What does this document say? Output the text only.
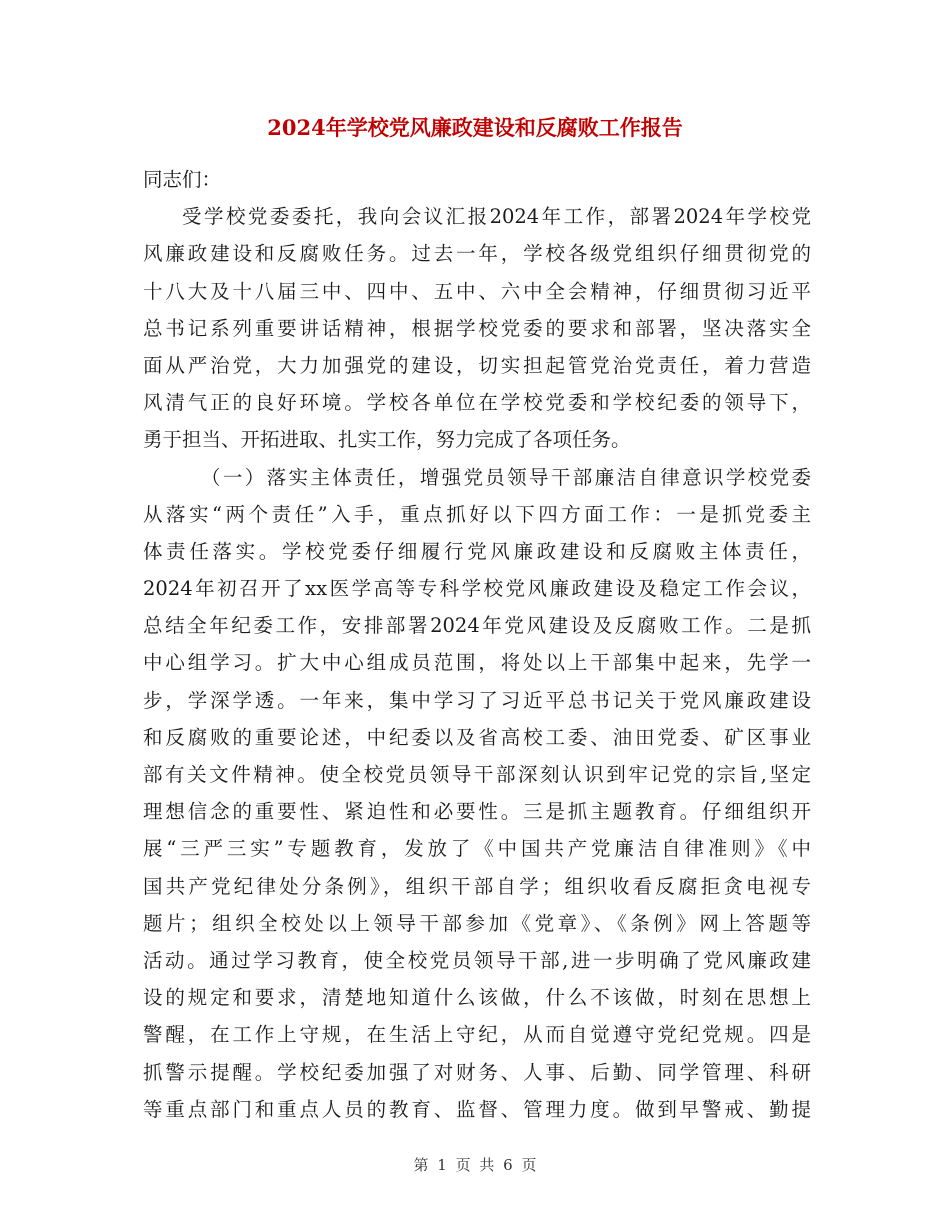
2024年学校党风廉政建设和反腐败工作报告
同志们：
受学校党委委托，我向会议汇报2024年工作，部署2024年学校党
风廉政建设和反腐败任务。过去一年，学校各级党组织仔细贯彻党的
十八大及十八届三中、四中、五中、六中全会精神，仔细贯彻习近平
总书记系列重要讲话精神，根据学校党委的要求和部署，坚决落实全
面从严治党，大力加强党的建设，切实担起管党治党责任，着力营造
风清气正的良好环境。学校各单位在学校党委和学校纪委的领导下，
勇于担当、开拓进取、扎实工作，努力完成了各项任务。
（一）落实主体责任，增强党员领导干部廉洁自律意识学校党委
从落实“两个责任”入手，重点抓好以下四方面工作：一是抓党委主
体责任落实。学校党委仔细履行党风廉政建设和反腐败主体责任，
2024年初召开了xx医学高等专科学校党风廉政建设及稳定工作会议，
总结全年纪委工作，安排部署2024年党风建设及反腐败工作。二是抓
中心组学习。扩大中心组成员范围，将处以上干部集中起来，先学一
步，学深学透。一年来，集中学习了习近平总书记关于党风廉政建设
和反腐败的重要论述，中纪委以及省高校工委、油田党委、矿区事业
部有关文件精神。使全校党员领导干部深刻认识到牢记党的宗旨,坚定
理想信念的重要性、紧迫性和必要性。三是抓主题教育。仔细组织开
展“三严三实”专题教育，发放了《中国共产党廉洁自律准则》《中
国共产党纪律处分条例》，组织干部自学；组织收看反腐拒贪电视专
题片；组织全校处以上领导干部参加《党章》、《条例》网上答题等
活动。通过学习教育，使全校党员领导干部,进一步明确了党风廉政建
设的规定和要求，清楚地知道什么该做，什么不该做，时刻在思想上
警醒，在工作上守规，在生活上守纪，从而自觉遵守党纪党规。四是
抓警示提醒。学校纪委加强了对财务、人事、后勤、同学管理、科研
等重点部门和重点人员的教育、监督、管理力度。做到早警戒、勤提
第 1 页 共 6 页
